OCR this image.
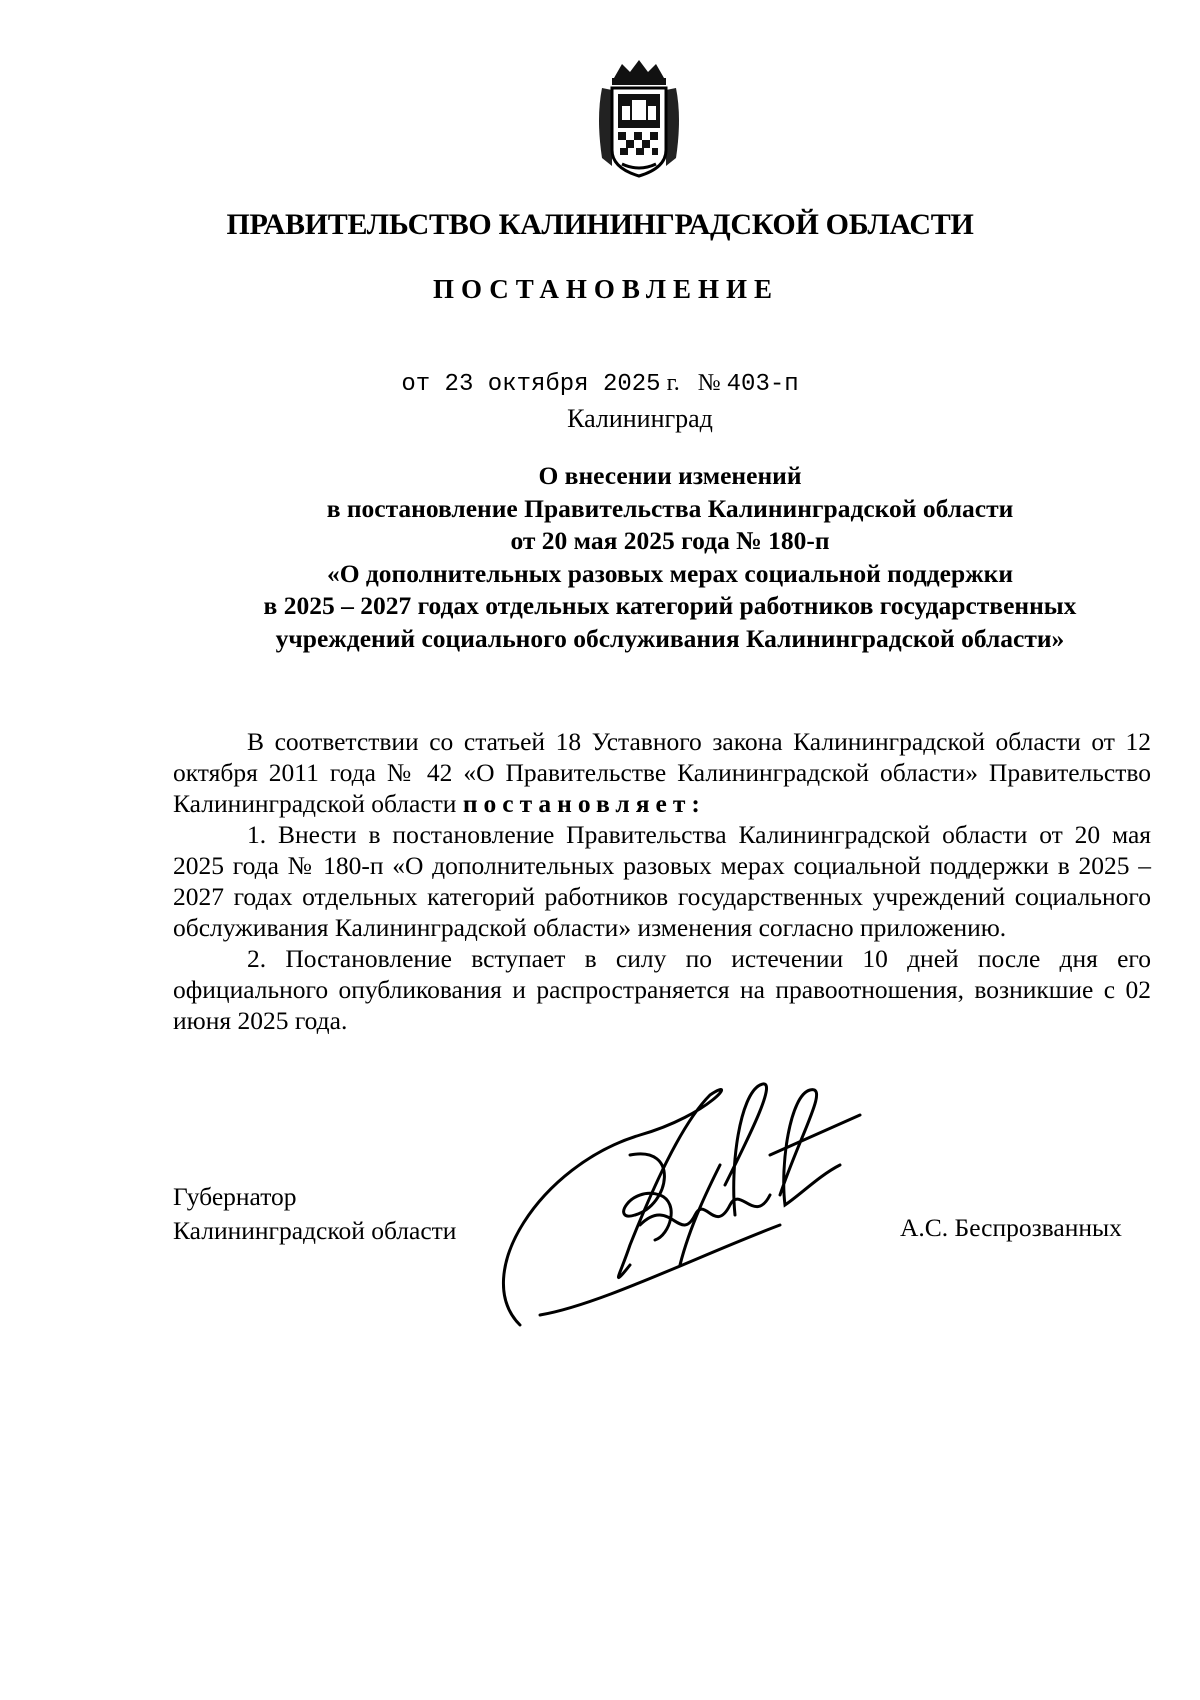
ПРАВИТЕЛЬСТВО КАЛИНИНГРАДСКОЙ ОБЛАСТИ
ПОСТАНОВЛЕНИЕ
от 23 октября 2025 г. № 403-п
Калининград
О внесении изменений
в постановление Правительства Калининградской области
от 20 мая 2025 года № 180-п
«О дополнительных разовых мерах социальной поддержки
в 2025 – 2027 годах отдельных категорий работников государственных
учреждений социального обслуживания Калининградской области»

В соответствии со статьей 18 Уставного закона Калининградской области от 12 октября 2011 года № 42 «О Правительстве Калининградской области» Правительство Калининградской области постановляет:

1. Внести в постановление Правительства Калининградской области от 20 мая 2025 года № 180-п «О дополнительных разовых мерах социальной поддержки в 2025 – 2027 годах отдельных категорий работников государственных учреждений социального обслуживания Калининградской области» изменения согласно приложению.

2. Постановление вступает в силу по истечении 10 дней после дня его официального опубликования и распространяется на правоотношения, возникшие с 02 июня 2025 года.

Губернатор
Калининградской области	А.С. Беспрозванных
